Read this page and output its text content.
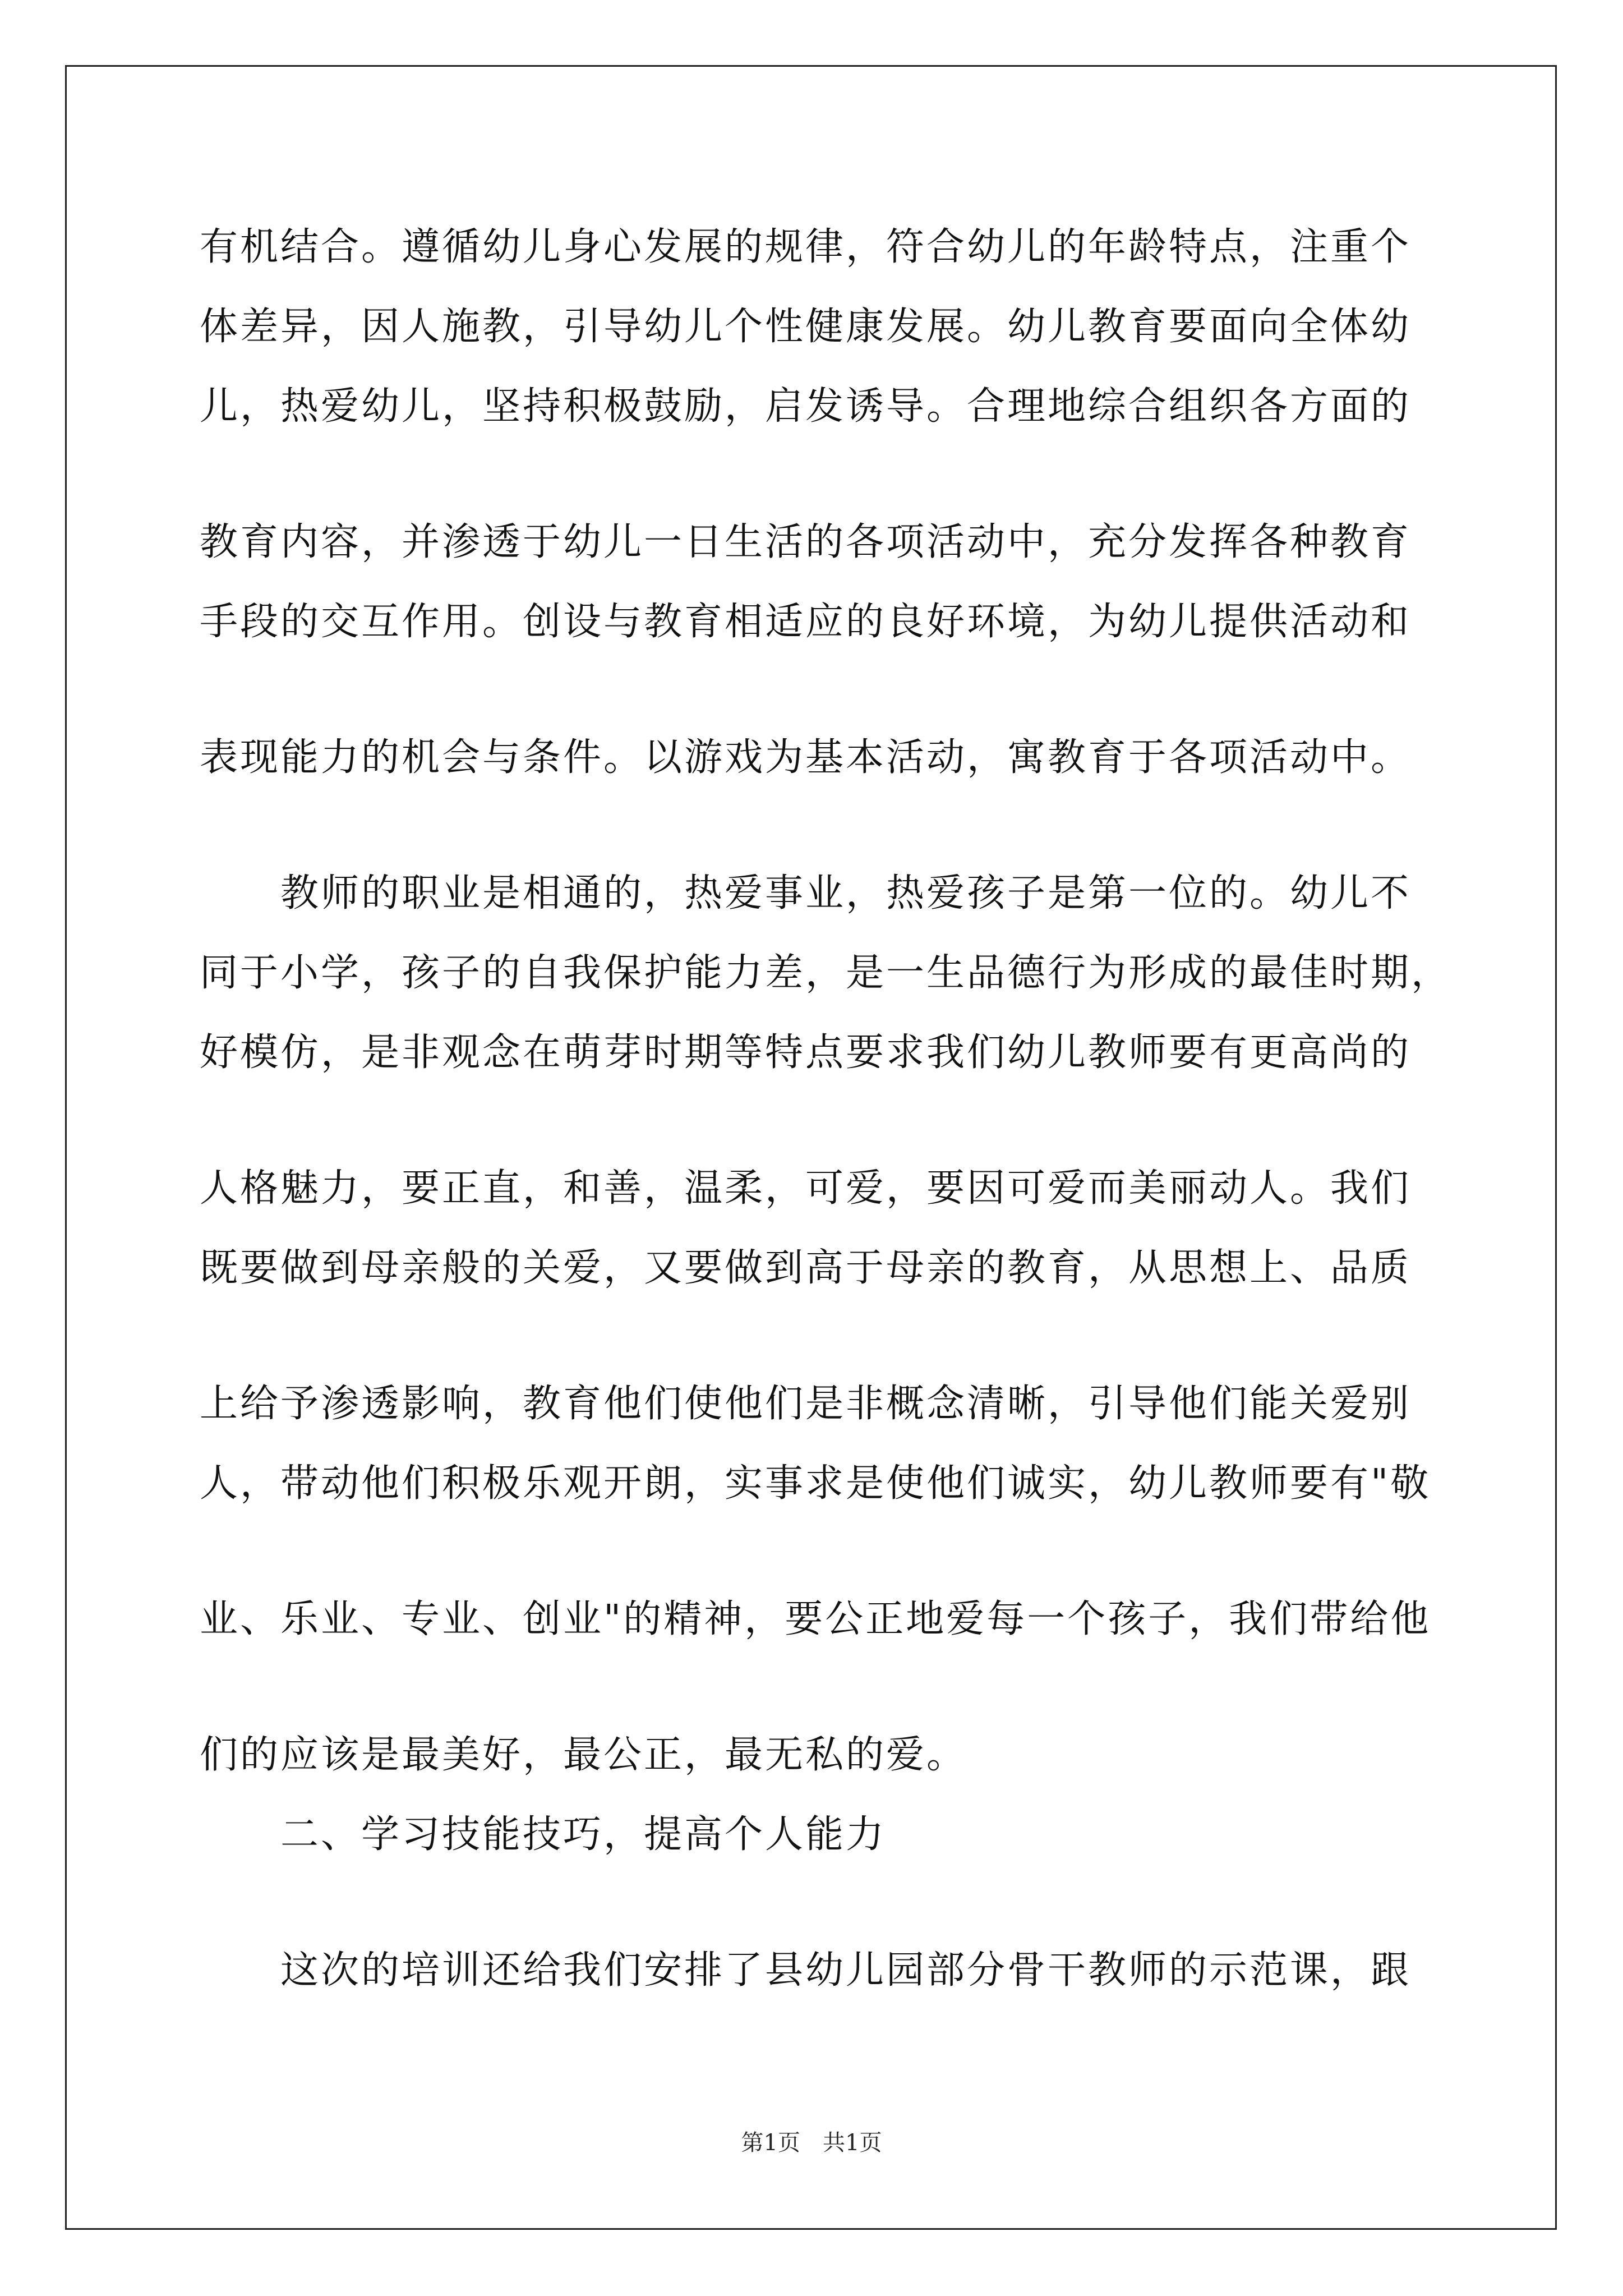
有机结合。遵循幼儿身心发展的规律，符合幼儿的年龄特点，注重个
体差异，因人施教，引导幼儿个性健康发展。幼儿教育要面向全体幼
儿，热爱幼儿，坚持积极鼓励，启发诱导。合理地综合组织各方面的
教育内容，并渗透于幼儿一日生活的各项活动中，充分发挥各种教育
手段的交互作用。创设与教育相适应的良好环境，为幼儿提供活动和
表现能力的机会与条件。以游戏为基本活动，寓教育于各项活动中。
教师的职业是相通的，热爱事业，热爱孩子是第一位的。幼儿不
同于小学，孩子的自我保护能力差，是一生品德行为形成的最佳时期，
好模仿，是非观念在萌芽时期等特点要求我们幼儿教师要有更高尚的
人格魅力，要正直，和善，温柔，可爱，要因可爱而美丽动人。我们
既要做到母亲般的关爱，又要做到高于母亲的教育，从思想上、品质
上给予渗透影响，教育他们使他们是非概念清晰，引导他们能关爱别
人，带动他们积极乐观开朗，实事求是使他们诚实，幼儿教师要有"敬
业、乐业、专业、创业"的精神，要公正地爱每一个孩子，我们带给他
们的应该是最美好，最公正，最无私的爱。
二、学习技能技巧，提高个人能力
这次的培训还给我们安排了县幼儿园部分骨干教师的示范课，跟
第1页　共1页
